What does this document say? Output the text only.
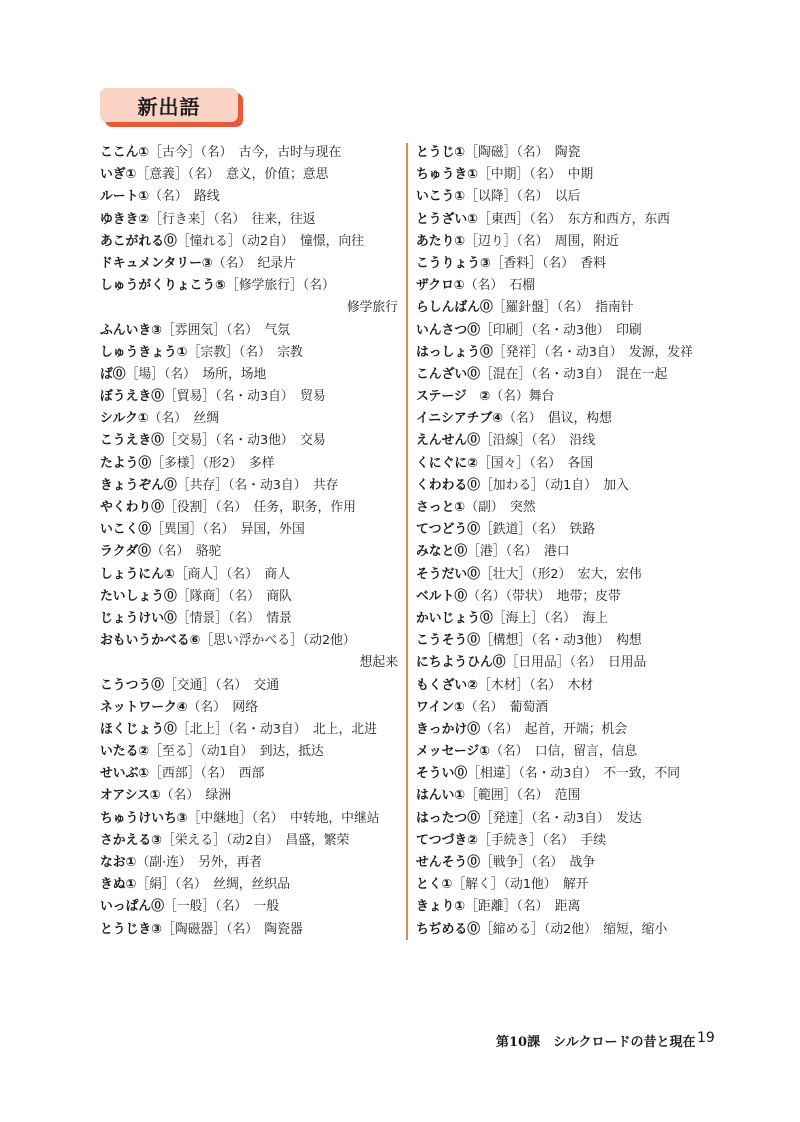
新出語
ここん①［古今］（名）　古今，古时与现在
いぎ①［意義］（名）　意义，价值；意思
ルート①（名）　路线
ゆきき②［行き来］（名）　往来，往返
あこがれる⓪［憧れる］（动2自）　憧憬，向往
ドキュメンタリー③（名）　纪录片
しゅうがくりょこう⑤［修学旅行］（名）
修学旅行
ふんいき③［雰囲気］（名）　气氛
しゅうきょう①［宗教］（名）　宗教
ば⓪［場］（名）　场所，场地
ぼうえき⓪［貿易］（名・动3自）　贸易
シルク①（名）　丝绸
こうえき⓪［交易］（名・动3他）　交易
たよう⓪［多様］（形2）　多样
きょうぞん⓪［共存］（名・动3自）　共存
やくわり⓪［役割］（名）　任务，职务，作用
いこく⓪［異国］（名）　异国，外国
ラクダ⓪（名）　骆驼
しょうにん①［商人］（名）　商人
たいしょう⓪［隊商］（名）　商队
じょうけい⓪［情景］（名）　情景
おもいうかべる⑥［思い浮かべる］（动2他）
想起来
こうつう⓪［交通］（名）　交通
ネットワーク④（名）　网络
ほくじょう⓪［北上］（名・动3自）　北上，北进
いたる②［至る］（动1自）　到达，抵达
せいぶ①［西部］（名）　西部
オアシス①（名）　绿洲
ちゅうけいち③［中継地］（名）　中转地，中继站
さかえる③［栄える］（动2自）　昌盛，繁荣
なお①（副·连）　另外，再者
きぬ①［絹］（名）　丝绸，丝织品
いっぱん⓪［一般］（名）　一般
とうじき③［陶磁器］（名）　陶瓷器
とうじ①［陶磁］（名）　陶瓷
ちゅうき①［中期］（名）　中期
いこう①［以降］（名）　以后
とうざい①［東西］（名）　东方和西方，东西
あたり①［辺り］（名）　周围，附近
こうりょう③［香料］（名）　香料
ザクロ①（名）　石榴
らしんばん⓪［羅針盤］（名）　指南针
いんさつ⓪［印刷］（名・动3他）　印刷
はっしょう⓪［発祥］（名・动3自）　发源，发祥
こんざい⓪［混在］（名・动3自）　混在一起
ステージ　②（名）舞台
イニシアチブ④（名）　倡议，构想
えんせん⓪［沿線］（名）　沿线
くにぐに②［国々］（名）　各国
くわわる⓪［加わる］（动1自）　加入
さっと①（副）　突然
てつどう⓪［鉄道］（名）　铁路
みなと⓪［港］（名）　港口
そうだい⓪［壮大］（形2）　宏大，宏伟
ベルト⓪（名）（带状）　地带；皮带
かいじょう⓪［海上］（名）　海上
こうそう⓪［構想］（名・动3他）　构想
にちようひん⓪［日用品］（名）　日用品
もくざい②［木材］（名）　木材
ワイン①（名）　葡萄酒
きっかけ⓪（名）　起首，开端；机会
メッセージ①（名）　口信，留言，信息
そうい⓪［相違］（名・动3自）　不一致，不同
はんい①［範囲］（名）　范围
はったつ⓪［発達］（名・动3自）　发达
てつづき②［手続き］（名）　手续
せんそう⓪［戦争］（名）　战争
とく①［解く］（动1他）　解开
きょり①［距離］（名）　距离
ちぢめる⓪［縮める］（动2他）　缩短，缩小
第10課　シルクロードの昔と現在 19
